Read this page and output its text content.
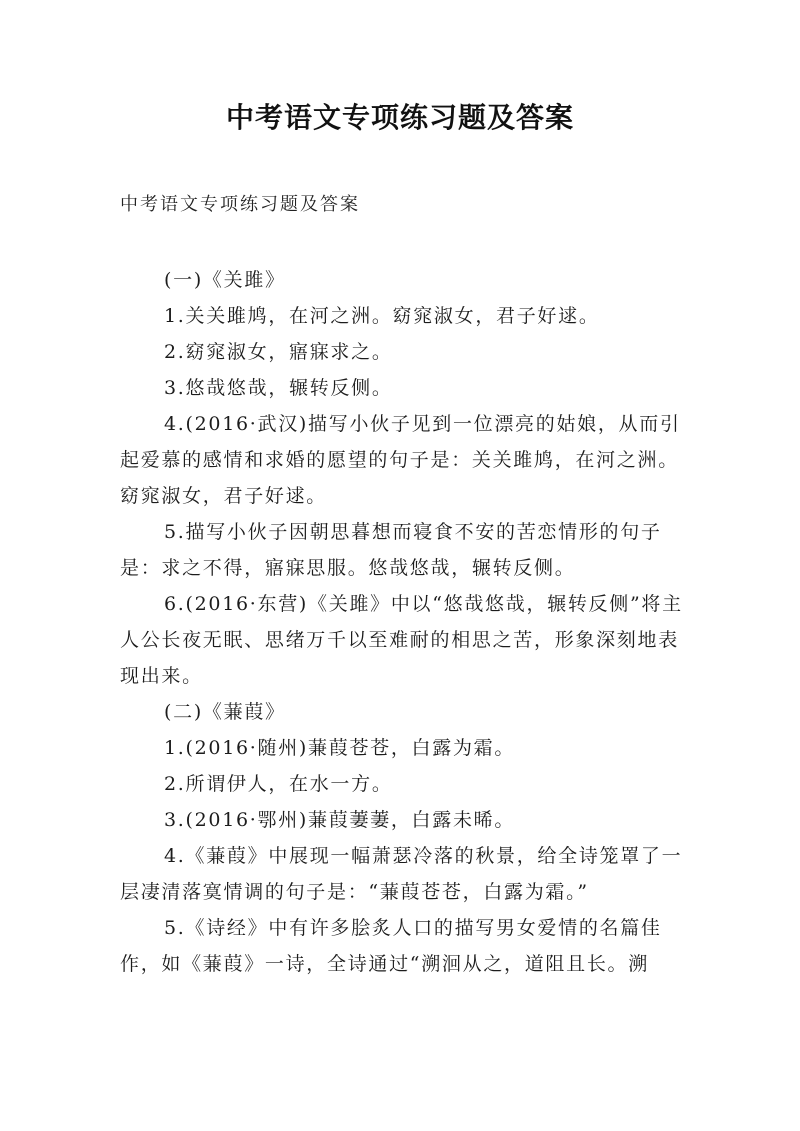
中考语文专项练习题及答案
中考语文专项练习题及答案

(一)《关雎》

1.关关雎鸠，在河之洲。窈窕淑女，君子好逑。

2.窈窕淑女，寤寐求之。

3.悠哉悠哉，辗转反侧。

4.(2016·武汉)描写小伙子见到一位漂亮的姑娘，从而引起爱慕的感情和求婚的愿望的句子是：关关雎鸠，在河之洲。窈窕淑女，君子好逑。

5.描写小伙子因朝思暮想而寝食不安的苦恋情形的句子是：求之不得，寤寐思服。悠哉悠哉，辗转反侧。

6.(2016·东营)《关雎》中以“悠哉悠哉，辗转反侧”将主人公长夜无眠、思绪万千以至难耐的相思之苦，形象深刻地表现出来。

(二)《蒹葭》

1.(2016·随州)蒹葭苍苍，白露为霜。

2.所谓伊人，在水一方。

3.(2016·鄂州)蒹葭萋萋，白露未晞。

4.《蒹葭》中展现一幅萧瑟冷落的秋景，给全诗笼罩了一层凄清落寞情调的句子是：“蒹葭苍苍，白露为霜。”

5.《诗经》中有许多脍炙人口的描写男女爱情的名篇佳作，如《蒹葭》一诗，全诗通过“溯洄从之，道阻且长。溯
